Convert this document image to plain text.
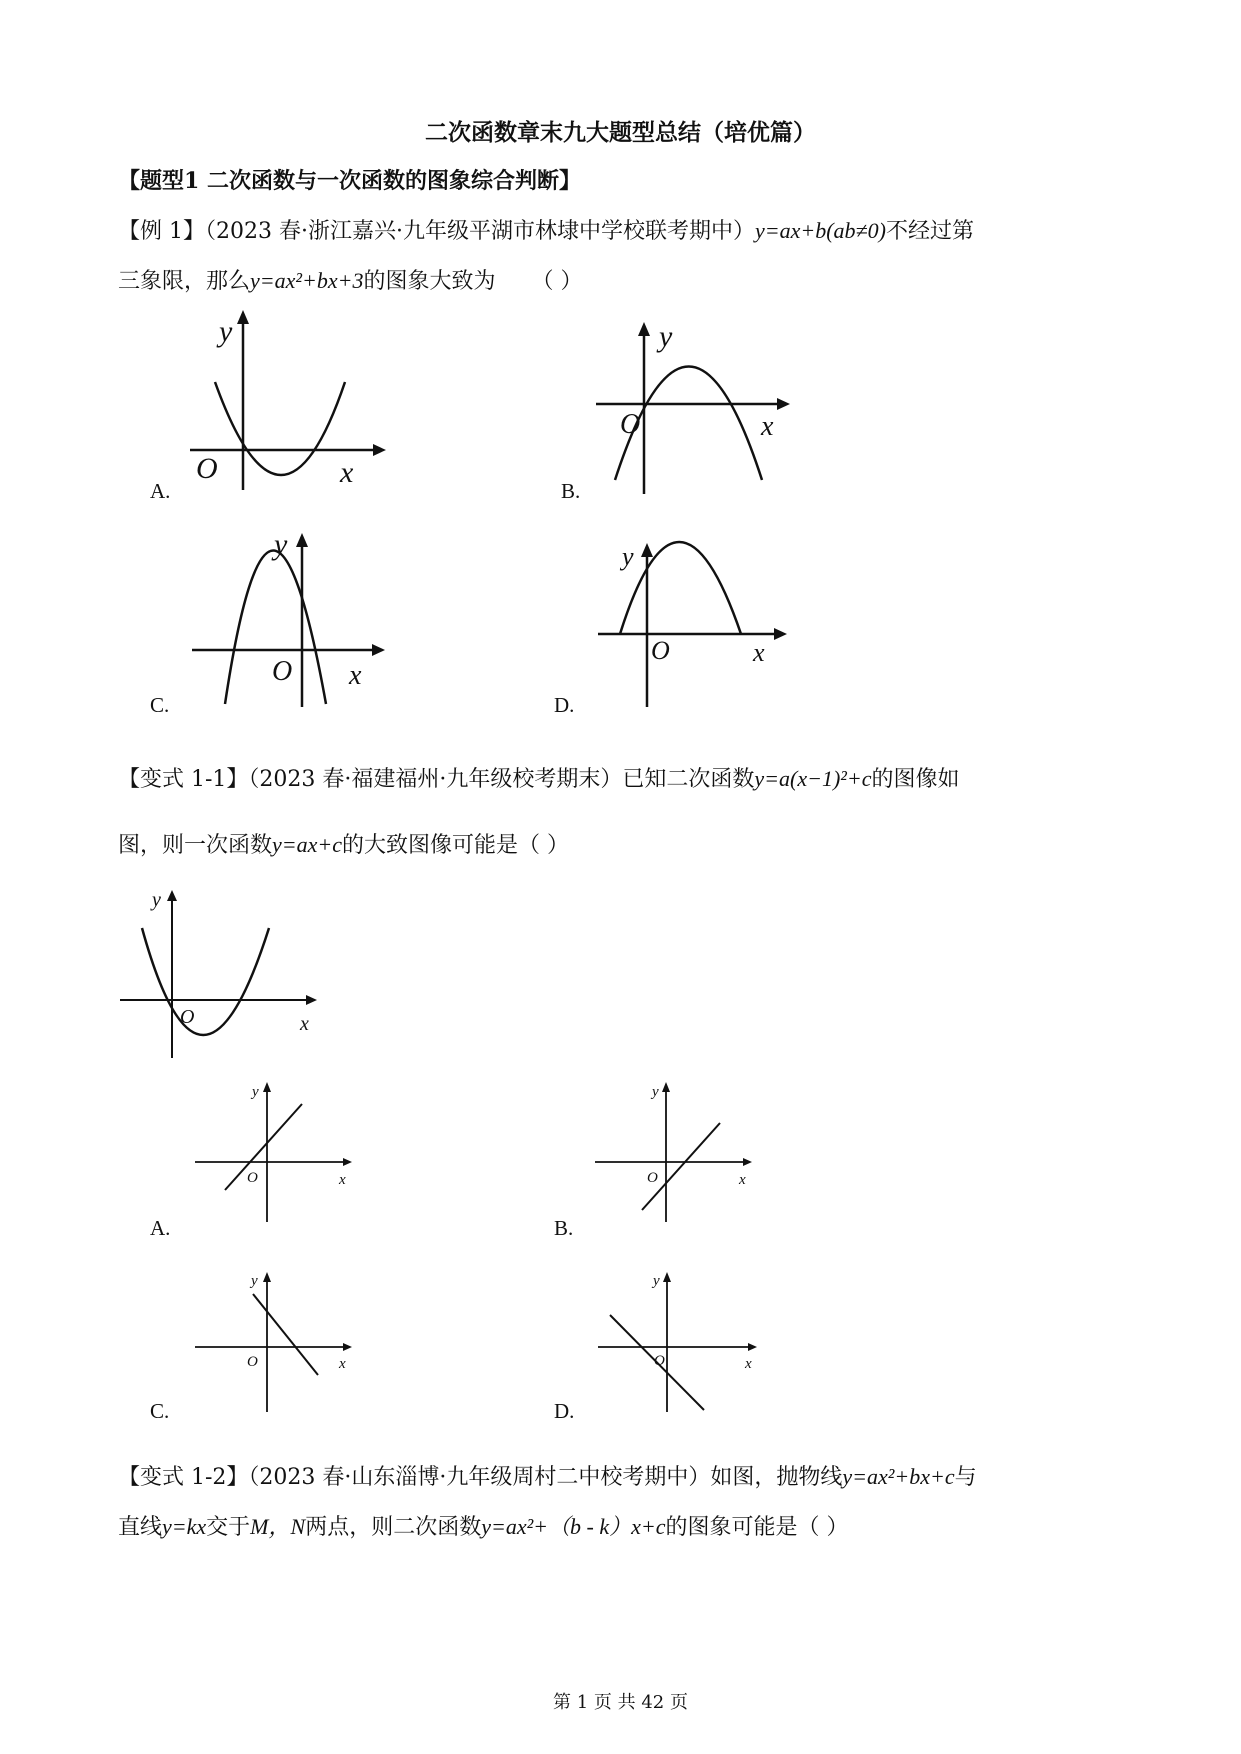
二次函数章末九大题型总结（培优篇）
【题型1 二次函数与一次函数的图象综合判断】
【例 1】（2023 春·浙江嘉兴·九年级平湖市林埭中学校联考期中）y=ax+b(ab≠0)不经过第
三象限，那么y=ax²+bx+3的图象大致为 （ ）
O	x
y
A.
O	x
y
B.
O x
y
C.
O	x
y
D.
【变式 1-1】（2023 春·福建福州·九年级校考期末）已知二次函数y=a(x−1)²+c的图像如
图，则一次函数y=ax+c的大致图像可能是（ ）
O	x
y
O	x
y
A.
O	x
y
B.
O	x
y
C.
O	x
y
D.
【变式 1-2】（2023 春·山东淄博·九年级周村二中校考期中）如图，抛物线y=ax²+bx+c与
直线y=kx交于M，N两点，则二次函数y=ax²+（b - k）x+c的图象可能是（ ）
第 1 页 共 42 页
